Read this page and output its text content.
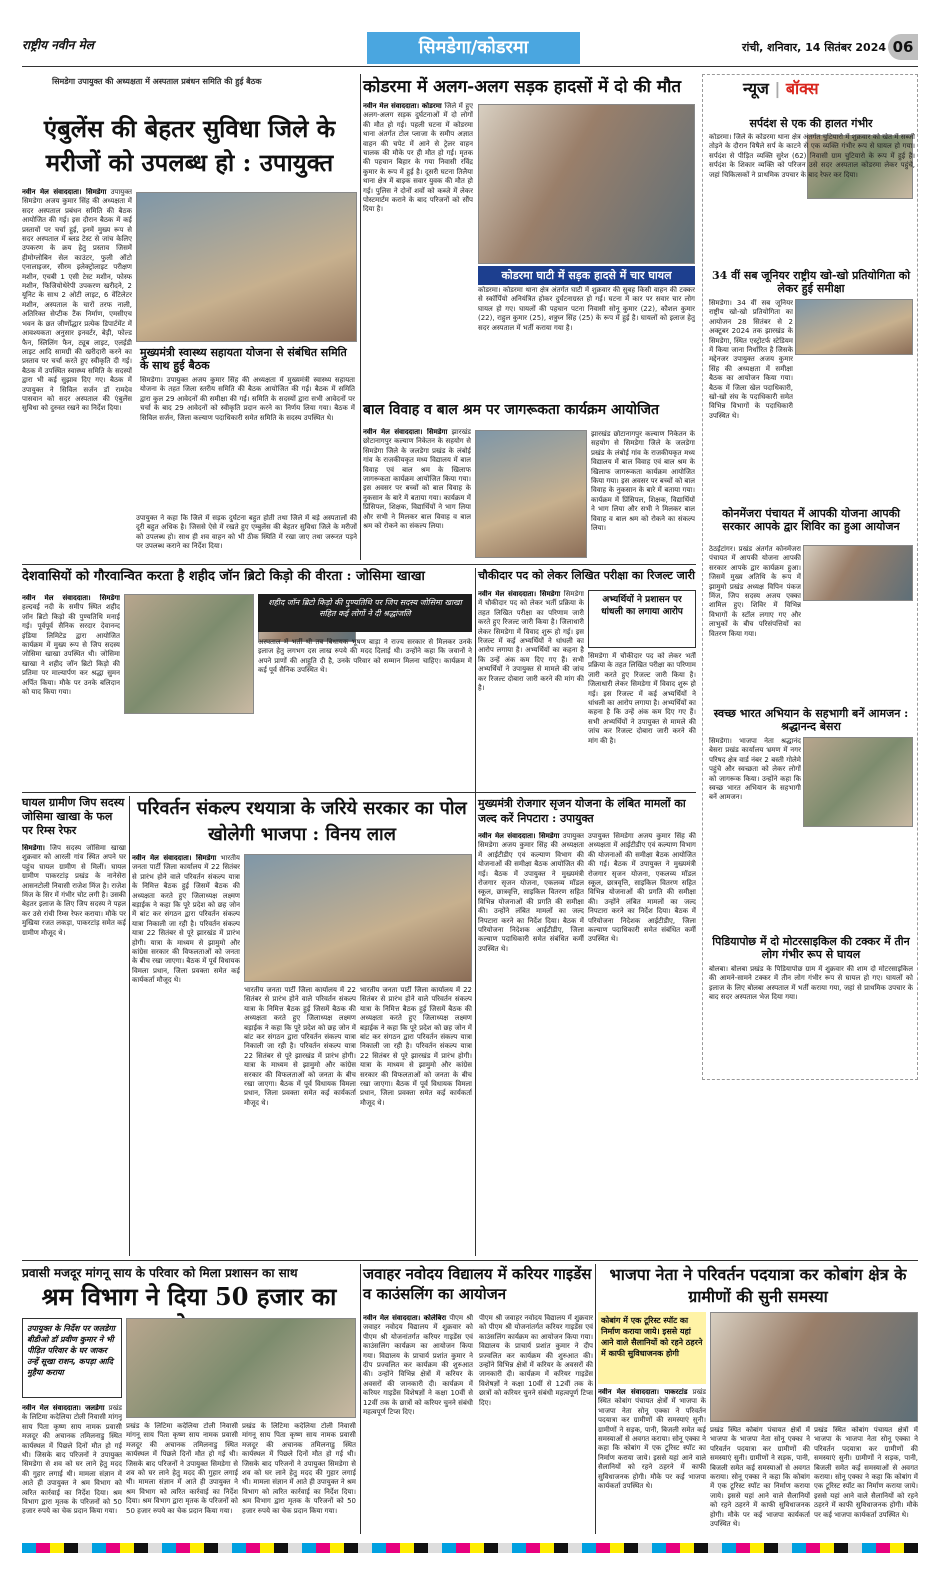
राष्ट्रीय नवीन मेल	सिमडेगा/कोडरमा	रांची, शनिवार, 14 सितंबर 2024 06
सिमडेगा उपायुक्त की अध्यक्षता में अस्पताल प्रबंधन समिति की हुई बैठक
एंबुलेंस की बेहतर सुविधा जिले के मरीजों को उपलब्ध हो : उपायुक्त
नवीन मेल संवाददाता। सिमडेगा उपायुक्त सिमडेगा अजय कुमार सिंह की अध्यक्षता में सदर अस्पताल प्रबंधन समिति की बैठक आयोजित की गई। इस दौरान बैठक में कई प्रस्तावों पर चर्चा हुई, इनमें मुख्य रूप से सदर अस्पताल में ब्लड टेस्ट से जांच केलिए उपकरण के क्रय हेतु प्रस्ताव जिसमें हीमोग्लोबिन सेल काउंटर, फुली ऑटो एनालाइजर, सीरम इलेक्ट्रोलाइट परीक्षण मशीन, एचबी 1 एसी टेस्ट मशीन, फोस्फ मशीन, फिजियोथेरेपी उपकरण खरीदने, 2 यूनिट के साथ 2 ओटी लाइट, 6 वेंटिलेटर मशीन, अस्पताल के चारों तरफ नाली, अतिरिक्त सेप्टीक टैंक निर्माण, एमसीएच भवन के छत जीर्णोद्धार प्रत्येक डिपार्टमेंट में आवश्यकता अनुसार इनवर्टर, बेड़ी, फोल्ड फैन, स्लिलिंग फैन, ट्यूब लाइट, एलईडी लाइट आदि सामग्री की खरीदारी करने का प्रस्ताव पर चर्चा करते हुए स्वीकृति दी गई। बैठक में उपस्थित स्वास्थ्य समिति के सदस्यों द्वारा भी कई सुझाव दिए गए। बैठक में उपायुक्त ने सिविल सर्जन डॉ रामदेव पासवान को सदर अस्पताल की एंबुलेंस सुविधा को दुरुस्त रखने का निर्देश दिया।
मुख्यमंत्री स्वास्थ्य सहायता योजना से संबंधित समिति के साथ हुई बैठक
सिमडेगा। उपायुक्त अजय कुमार सिंह की अध्यक्षता में मुख्यमंत्री स्वास्थ्य सहायता योजना के तहत जिला स्तरीय समिति की बैठक आयोजित की गई। बैठक में समिति द्वारा कुल 29 आवेदनों की समीक्षा की गई। समिति के सदस्यों द्वारा सभी आवेदनों पर चर्चा के बाद 29 आवेदनों को स्वीकृति प्रदान करने का निर्णय लिया गया। बैठक में सिविल सर्जन, जिला कल्याण पदाधिकारी समेत समिति के सदस्य उपस्थित थे।
उपायुक्त ने कहा कि जिले में सड़क दुर्घटना बहुत होती तथा जिले में बड़े अस्पतालों की दूरी बहुत अधिक है। जिससे ऐसे में रखते हुए एम्बुलेंस की बेहतर सुविधा जिले के मरीजों को उपलब्ध हो। साथ ही शव वाहन को भी ठीक स्थिति में रखा जाए तथा जरूरत पड़ने पर उपलब्ध कराने का निर्देश दिया।
कोडरमा में अलग-अलग सड़क हादसों में दो की मौत
नवीन मेल संवाददाता। कोडरमा जिले में हुए अलग-अलग सड़क दुर्घटनाओं में दो लोगों की मौत हो गई। पहली घटना में कोडरमा थाना अंतर्गत टोल प्लाजा के समीप अज्ञात वाहन की चपेट में आने से ट्रेलर वाहन चालक की मौके पर ही मौत हो गई। मृतक की पहचान बिहार के गया निवासी रविंद्र कुमार के रूप में हुई है। दूसरी घटना तिलैया थाना क्षेत्र में बाइक सवार युवक की मौत हो गई। पुलिस ने दोनों शवों को कब्जे में लेकर पोस्टमार्टम कराने के बाद परिजनों को सौंप दिया है।
कोडरमा घाटी में सड़क हादसे में चार घायल
कोडरमा। कोडरमा थाना क्षेत्र अंतर्गत घाटी में शुक्रवार की सुबह किसी वाहन की टक्कर से स्कॉर्पियो अनियंत्रित होकर दुर्घटनाग्रस्त हो गई। घटना में कार पर सवार चार लोग घायल हो गए। घायलों की पहचान पटना निवासी सोनू कुमार (22), कौशल कुमार (22), राहुल कुमार (25), शत्रुघ्न सिंह (25) के रूप में हुई है। घायलों को इलाज हेतु सदर अस्पताल में भर्ती कराया गया है।
न्यूज | बॉक्स
सर्पदंश से एक की हालत गंभीर
कोडरमा। जिले के कोडरमा थाना क्षेत्र अंतर्गत चुटियारो में शुक्रवार को खेत में सब्जी तोड़ने के दौरान विषैले सर्प के काटने से एक व्यक्ति गंभीर रूप से घायल हो गया। सर्पदंश से पीड़ित व्यक्ति सुरेश (62) निवासी ग्राम चुटियारो के रूप में हुई है। सर्पदंश के शिकार व्यक्ति को परिजन उसे सदर अस्पताल कोडरमा लेकर पहुंचे, जहां चिकित्सकों ने प्राथमिक उपचार के बाद रेफर कर दिया।
34 वीं सब जूनियर राष्ट्रीय खो-खो प्रतियोगिता को लेकर हुई समीक्षा
सिमडेगा। 34 वीं सब जूनियर राष्ट्रीय खो-खो प्रतियोगिता का आयोजन 28 सितंबर से 2 अक्टूबर 2024 तक झारखंड के सिमडेगा, स्थित एस्ट्रोटर्फ स्टेडियम में किया जाना निर्धारित है जिसके मद्देनजर उपायुक्त अजय कुमार सिंह की अध्यक्षता में समीक्षा बैठक का आयोजन किया गया। बैठक में जिला खेल पदाधिकारी, खो-खो संघ के पदाधिकारी समेत विभिन्न विभागों के पदाधिकारी उपस्थित थे।
कोनमेंजरा पंचायत में आपकी योजना आपकी सरकार आपके द्वार शिविर का हुआ आयोजन
ठेठईटांगर। प्रखंड अंतर्गत कोनमेंजरा पंचायत में आपकी योजना आपकी सरकार आपके द्वार कार्यक्रम हुआ। जिसमें मुख्य अतिथि के रूप में झामुमो प्रखंड अध्यक्ष विपिन पंकज मिंज, जिप सदस्य अजय एक्का शामिल हुए। शिविर में विभिन्न विभागों के स्टॉल लगाए गए और लाभुकों के बीच परिसंपत्तियों का वितरण किया गया।
स्वच्छ भारत अभियान के सहभागी बनें आमजन : श्रद्धानन्द बेसरा
सिमडेगा। भाजपा नेता श्रद्धानंद बेसरा प्रखंड कार्यालय भ्रमण में नगर परिषद क्षेत्र वार्ड नंबर 2 बस्ती गोलेमे पहुंचे और स्वच्छता को लेकर लोगों को जागरूक किया। उन्होंने कहा कि स्वच्छ भारत अभियान के सहभागी बनें आमजन।
पिडियापोछ में दो मोटरसाइकिल की टक्कर में तीन लोग गंभीर रूप से घायल
बोलबा। बोलबा प्रखंड के पिडियापोछ ग्राम में शुक्रवार की शाम दो मोटरसाइकिल की आमने-सामने टक्कर में तीन लोग गंभीर रूप से घायल हो गए। घायलों को इलाज के लिए बोलबा अस्पताल में भर्ती कराया गया, जहां से प्राथमिक उपचार के बाद सदर अस्पताल भेज दिया गया।
बाल विवाह व बाल श्रम पर जागरूकता कार्यक्रम आयोजित
नवीन मेल संवाददाता। सिमडेगा झारखंड छोटानागपुर कल्याण निकेतन के सहयोग से सिमडेगा जिले के जलडेगा प्रखंड के लंबोई गांव के राजकीयकृत मध्य विद्यालय में बाल विवाह एवं बाल श्रम के खिलाफ जागरूकता कार्यक्रम आयोजित किया गया। इस अवसर पर बच्चों को बाल विवाह के नुकसान के बारे में बताया गया। कार्यक्रम में प्रिंसिपल, शिक्षक, विद्यार्थियों ने भाग लिया और सभी ने मिलकर बाल विवाह व बाल श्रम को रोकने का संकल्प लिया।
झारखंड छोटानागपुर कल्याण निकेतन के सहयोग से सिमडेगा जिले के जलडेगा प्रखंड के लंबोई गांव के राजकीयकृत मध्य विद्यालय में बाल विवाह एवं बाल श्रम के खिलाफ जागरूकता कार्यक्रम आयोजित किया गया। इस अवसर पर बच्चों को बाल विवाह के नुकसान के बारे में बताया गया। कार्यक्रम में प्रिंसिपल, शिक्षक, विद्यार्थियों ने भाग लिया और सभी ने मिलकर बाल विवाह व बाल श्रम को रोकने का संकल्प लिया।
देशवासियों को गौरवान्वित करता है शहीद जॉन ब्रिटो किड़ो की वीरता : जोसिमा खाखा
नवीन मेल संवाददाता। सिमडेगा हल्दवई नदी के समीप स्थित शहीद जॉन ब्रिटो किड़ो की पुण्यतिथि मनाई गई। पूर्वपूर्व सैनिक सरदार देवानन्द इंडिया लिमिटेड द्वारा आयोजित कार्यक्रम में मुख्य रूप से जिप सदस्य जोसिमा खाखा उपस्थित थी। जोसिमा खाखा ने शहीद जॉन ब्रिटो किड़ो की प्रतिमा पर माल्यार्पण कर श्रद्धा सुमन अर्पित किया। मौके पर उनके बलिदान को याद किया गया।
शहीद जॉन ब्रिटो किड़ो की पुण्यतिथि पर जिप सदस्य जोसिमा खाखा सहित कई लोगों ने दी श्रद्धांजलि
अस्पताल में भर्ती थी तब बिधायक भूषण बाड़ा ने राज्य सरकार से मिलकर उनके इलाज हेतु लगभग दस लाख रुपये की मदद दिलाई थी। उन्होंने कहा कि जवानों ने अपने प्राणों की आहुति दी है, उनके परिवार को सम्मान मिलना चाहिए। कार्यक्रम में कई पूर्व सैनिक उपस्थित थे।
चौकीदार पद को लेकर लिखित परीक्षा का रिजल्ट जारी
नवीन मेल संवाददाता। सिमडेगा सिमडेगा में चौकीदार पद को लेकर भर्ती प्रक्रिया के तहत लिखित परीक्षा का परिणाम जारी करते हुए रिजल्ट जारी किया है। जिलाधारी लेकर सिमडेगा में विवाद शुरू हो गई। इस रिजल्ट में कई अभ्यर्थियों ने धांधली का आरोप लगाया है। अभ्यर्थियों का कहना है कि उन्हें अंक कम दिए गए हैं। सभी अभ्यर्थियों ने उपायुक्त से मामले की जांच कर रिजल्ट दोबारा जारी करने की मांग की है।
अभ्यर्थियों ने प्रशासन पर धांधली का लगाया आरोप
सिमडेगा में चौकीदार पद को लेकर भर्ती प्रक्रिया के तहत लिखित परीक्षा का परिणाम जारी करते हुए रिजल्ट जारी किया है। जिलाधारी लेकर सिमडेगा में विवाद शुरू हो गई। इस रिजल्ट में कई अभ्यर्थियों ने धांधली का आरोप लगाया है। अभ्यर्थियों का कहना है कि उन्हें अंक कम दिए गए हैं। सभी अभ्यर्थियों ने उपायुक्त से मामले की जांच कर रिजल्ट दोबारा जारी करने की मांग की है।
घायल ग्रामीण जिप सदस्य जोसिमा खाखा के फल पर रिम्स रेफर
सिमडेगा। जिप सदस्य जोसिमा खाखा शुक्रवार को आरली गांव स्थित अपने घर पहुंच घायल ग्रामीण से मिलीं। घायल ग्रामीण पाकरटांड़ प्रखंड के नानेसेरा आसनटोली निवासी राजेश मिंज है। राजेश मिंज के सिर में गंभीर चोट लगी है। उसकी बेहतर इलाज के लिए जिप सदस्य ने पहल कर उसे रांची रिम्स रेफर कराया। मौके पर मुखिया रजत लकड़ा, पाकरटांड़ समेत कई ग्रामीण मौजूद थे।
परिवर्तन संकल्प रथयात्रा के जरिये सरकार का पोल खोलेगी भाजपा : विनय लाल
नवीन मेल संवाददाता। सिमडेगा भारतीय जनता पार्टी जिला कार्यालय में 22 सितंबर से प्रारंभ होने वाले परिवर्तन संकल्प यात्रा के निमित्त बैठक हुई जिसमें बैठक की अध्यक्षता करते हुए जिलाध्यक्ष लक्ष्मण बड़ाईक ने कहा कि पूरे प्रदेश को छह जोन में बांट कर संगठन द्वारा परिवर्तन संकल्प यात्रा निकाली जा रही है। परिवर्तन संकल्प यात्रा 22 सितंबर से पूरे झारखंड में प्रारंभ होगी। यात्रा के माध्यम से झामुमो और कांग्रेस सरकार की विफलताओं को जनता के बीच रखा जाएगा। बैठक में पूर्व विधायक विमला प्रधान, जिला प्रवक्ता समेत कई कार्यकर्ता मौजूद थे।
भारतीय जनता पार्टी जिला कार्यालय में 22 सितंबर से प्रारंभ होने वाले परिवर्तन संकल्प यात्रा के निमित्त बैठक हुई जिसमें बैठक की अध्यक्षता करते हुए जिलाध्यक्ष लक्ष्मण बड़ाईक ने कहा कि पूरे प्रदेश को छह जोन में बांट कर संगठन द्वारा परिवर्तन संकल्प यात्रा निकाली जा रही है। परिवर्तन संकल्प यात्रा 22 सितंबर से पूरे झारखंड में प्रारंभ होगी। यात्रा के माध्यम से झामुमो और कांग्रेस सरकार की विफलताओं को जनता के बीच रखा जाएगा। बैठक में पूर्व विधायक विमला प्रधान, जिला प्रवक्ता समेत कई कार्यकर्ता मौजूद थे।
भारतीय जनता पार्टी जिला कार्यालय में 22 सितंबर से प्रारंभ होने वाले परिवर्तन संकल्प यात्रा के निमित्त बैठक हुई जिसमें बैठक की अध्यक्षता करते हुए जिलाध्यक्ष लक्ष्मण बड़ाईक ने कहा कि पूरे प्रदेश को छह जोन में बांट कर संगठन द्वारा परिवर्तन संकल्प यात्रा निकाली जा रही है। परिवर्तन संकल्प यात्रा 22 सितंबर से पूरे झारखंड में प्रारंभ होगी। यात्रा के माध्यम से झामुमो और कांग्रेस सरकार की विफलताओं को जनता के बीच रखा जाएगा। बैठक में पूर्व विधायक विमला प्रधान, जिला प्रवक्ता समेत कई कार्यकर्ता मौजूद थे।
मुख्यमंत्री रोजगार सृजन योजना के लंबित मामलों का जल्द करें निपटारा : उपायुक्त
नवीन मेल संवाददाता। सिमडेगा उपायुक्त सिमडेगा अजय कुमार सिंह की अध्यक्षता में आईटीडीए एवं कल्याण विभाग की योजनाओं की समीक्षा बैठक आयोजित की गई। बैठक में उपायुक्त ने मुख्यमंत्री रोजगार सृजन योजना, एकलव्य मॉडल स्कूल, छात्रवृत्ति, साइकिल वितरण सहित विभिन्न योजनाओं की प्रगति की समीक्षा की। उन्होंने लंबित मामलों का जल्द निपटारा करने का निर्देश दिया। बैठक में परियोजना निदेशक आईटीडीए, जिला कल्याण पदाधिकारी समेत संबंधित कर्मी उपस्थित थे।
उपायुक्त सिमडेगा अजय कुमार सिंह की अध्यक्षता में आईटीडीए एवं कल्याण विभाग की योजनाओं की समीक्षा बैठक आयोजित की गई। बैठक में उपायुक्त ने मुख्यमंत्री रोजगार सृजन योजना, एकलव्य मॉडल स्कूल, छात्रवृत्ति, साइकिल वितरण सहित विभिन्न योजनाओं की प्रगति की समीक्षा की। उन्होंने लंबित मामलों का जल्द निपटारा करने का निर्देश दिया। बैठक में परियोजना निदेशक आईटीडीए, जिला कल्याण पदाधिकारी समेत संबंधित कर्मी उपस्थित थे।
प्रवासी मजदूर मांगनू साय के परिवार को मिला प्रशासन का साथ
श्रम विभाग ने दिया 50 हजार का
उपायुक्त के निर्देश पर जलडेगा बीडीओ डॉ प्रवीण कुमार ने भी पीड़ित परिवार के घर जाकर उन्हें सूखा राशन, कपड़ा आदि मुहैया कराया
नवीन मेल संवाददाता। जलडेगा प्रखंड के लिटिमा कदेलिया टोली निवासी मांगनू साय पिता कृष्ण साय नामक प्रवासी मजदूर की अचानक तमिलनाडु स्थित कार्यस्थल में पिछले दिनों मौत हो गई थी। जिसके बाद परिजनों ने उपायुक्त सिमडेगा से शव को घर लाने हेतु मदद की गुहार लगाई थी। मामला संज्ञान में आते ही उपायुक्त ने श्रम विभाग को त्वरित कार्रवाई का निर्देश दिया। श्रम विभाग द्वारा मृतक के परिजनों को 50 हजार रुपये का चेक प्रदान किया गया।
प्रखंड के लिटिमा कदेलिया टोली निवासी मांगनू साय पिता कृष्ण साय नामक प्रवासी मजदूर की अचानक तमिलनाडु स्थित कार्यस्थल में पिछले दिनों मौत हो गई थी। जिसके बाद परिजनों ने उपायुक्त सिमडेगा से शव को घर लाने हेतु मदद की गुहार लगाई थी। मामला संज्ञान में आते ही उपायुक्त ने श्रम विभाग को त्वरित कार्रवाई का निर्देश दिया। श्रम विभाग द्वारा मृतक के परिजनों को 50 हजार रुपये का चेक प्रदान किया गया।
प्रखंड के लिटिमा कदेलिया टोली निवासी मांगनू साय पिता कृष्ण साय नामक प्रवासी मजदूर की अचानक तमिलनाडु स्थित कार्यस्थल में पिछले दिनों मौत हो गई थी। जिसके बाद परिजनों ने उपायुक्त सिमडेगा से शव को घर लाने हेतु मदद की गुहार लगाई थी। मामला संज्ञान में आते ही उपायुक्त ने श्रम विभाग को त्वरित कार्रवाई का निर्देश दिया। श्रम विभाग द्वारा मृतक के परिजनों को 50 हजार रुपये का चेक प्रदान किया गया।
जवाहर नवोदय विद्यालय में करियर गाइडेंस व काउंसलिंग का आयोजन
नवीन मेल संवाददाता। कोलेबिरा पीएम श्री जवाहर नवोदय विद्यालय में शुक्रवार को पीएम श्री योजनांतर्गत करियर गाइडेंस एवं काउंसलिंग कार्यक्रम का आयोजन किया गया। विद्यालय के प्राचार्य प्रशांत कुमार ने दीप प्रज्वलित कर कार्यक्रम की शुरुआत की। उन्होंने विभिन्न क्षेत्रों में करियर के अवसरों की जानकारी दी। कार्यक्रम में करियर गाइडेंस विशेषज्ञों ने कक्षा 10वीं से 12वीं तक के छात्रों को करियर चुनने संबंधी महत्वपूर्ण टिप्स दिए।
पीएम श्री जवाहर नवोदय विद्यालय में शुक्रवार को पीएम श्री योजनांतर्गत करियर गाइडेंस एवं काउंसलिंग कार्यक्रम का आयोजन किया गया। विद्यालय के प्राचार्य प्रशांत कुमार ने दीप प्रज्वलित कर कार्यक्रम की शुरुआत की। उन्होंने विभिन्न क्षेत्रों में करियर के अवसरों की जानकारी दी। कार्यक्रम में करियर गाइडेंस विशेषज्ञों ने कक्षा 10वीं से 12वीं तक के छात्रों को करियर चुनने संबंधी महत्वपूर्ण टिप्स दिए।
भाजपा नेता ने परिवर्तन पदयात्रा कर कोबांग क्षेत्र के ग्रामीणों की सुनी समस्या
कोबांग में एक टूरिस्ट स्पॉट का निर्माण कराया जाये। इससे यहां आने वाले सैलानियों को रहने ठहरने में काफी सुविधाजनक होगी
नवीन मेल संवाददाता। पाकरटांड प्रखंड स्थित कोबांग पंचायत क्षेत्रों में भाजपा के भाजपा नेता सोनू एक्का ने परिवर्तन पदयात्रा कर ग्रामीणों की समस्याएं सुनी। ग्रामीणों ने सड़क, पानी, बिजली समेत कई समस्याओं से अवगत कराया। सोनू एक्का ने कहा कि कोबांग में एक टूरिस्ट स्पॉट का निर्माण कराया जाये। इससे यहां आने वाले सैलानियों को रहने ठहरने में काफी सुविधाजनक होगी। मौके पर कई भाजपा कार्यकर्ता उपस्थित थे।
प्रखंड स्थित कोबांग पंचायत क्षेत्रों में भाजपा के भाजपा नेता सोनू एक्का ने परिवर्तन पदयात्रा कर ग्रामीणों की समस्याएं सुनी। ग्रामीणों ने सड़क, पानी, बिजली समेत कई समस्याओं से अवगत कराया। सोनू एक्का ने कहा कि कोबांग में एक टूरिस्ट स्पॉट का निर्माण कराया जाये। इससे यहां आने वाले सैलानियों को रहने ठहरने में काफी सुविधाजनक होगी। मौके पर कई भाजपा कार्यकर्ता उपस्थित थे।
प्रखंड स्थित कोबांग पंचायत क्षेत्रों में भाजपा के भाजपा नेता सोनू एक्का ने परिवर्तन पदयात्रा कर ग्रामीणों की समस्याएं सुनी। ग्रामीणों ने सड़क, पानी, बिजली समेत कई समस्याओं से अवगत कराया। सोनू एक्का ने कहा कि कोबांग में एक टूरिस्ट स्पॉट का निर्माण कराया जाये। इससे यहां आने वाले सैलानियों को रहने ठहरने में काफी सुविधाजनक होगी। मौके पर कई भाजपा कार्यकर्ता उपस्थित थे।
